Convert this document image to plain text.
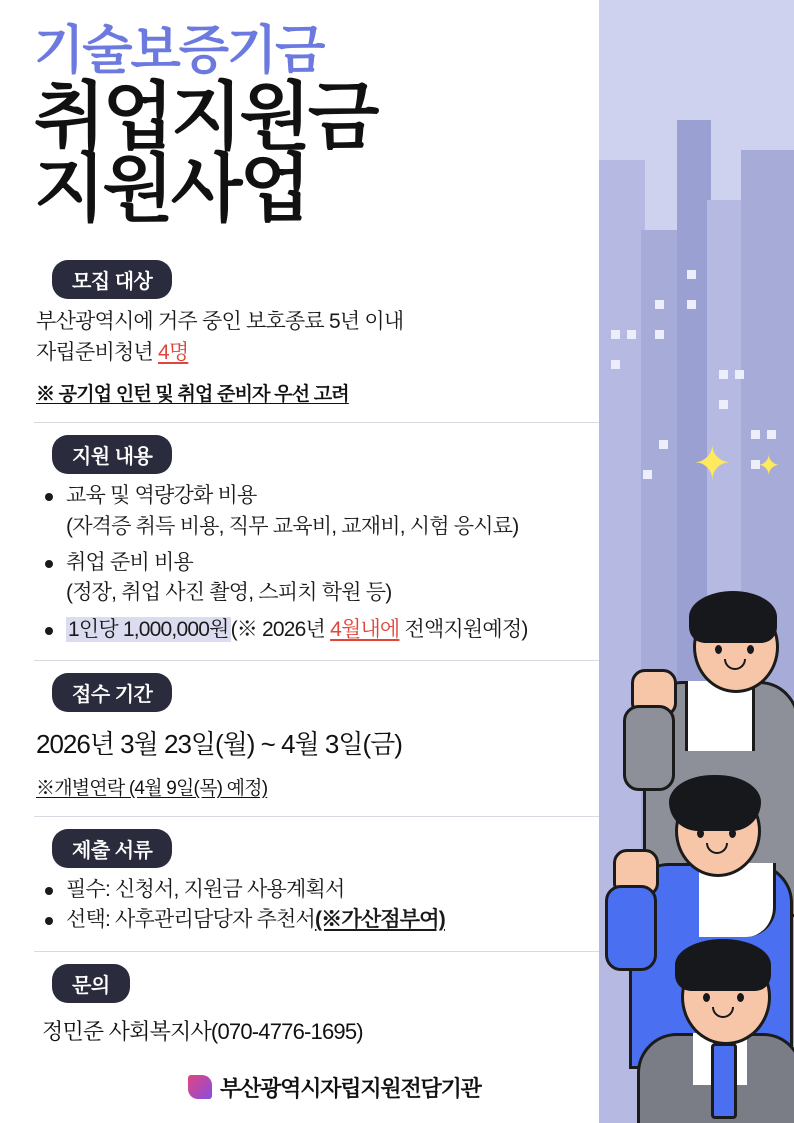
✦ ✦
기술보증기금
취업지원금
지원사업
모집 대상
부산광역시에 거주 중인 보호종료 5년 이내
자립준비청년 4명
※ 공기업 인턴 및 취업 준비자 우선 고려
지원 내용
교육 및 역량강화 비용
(자격증 취득 비용, 직무 교육비, 교재비, 시험 응시료)
취업 준비 비용
(정장, 취업 사진 촬영, 스피치 학원 등)
1인당 1,000,000원(※ 2026년 4월내에 전액지원예정)
접수 기간
2026년 3월 23일(월) ~ 4월 3일(금)
※개별연락 (4월 9일(목) 예정)
제출 서류
필수: 신청서, 지원금 사용계획서
선택: 사후관리담당자 추천서(※가산점부여)
문의
정민준 사회복지사(070-4776-1695)
부산광역시자립지원전담기관
